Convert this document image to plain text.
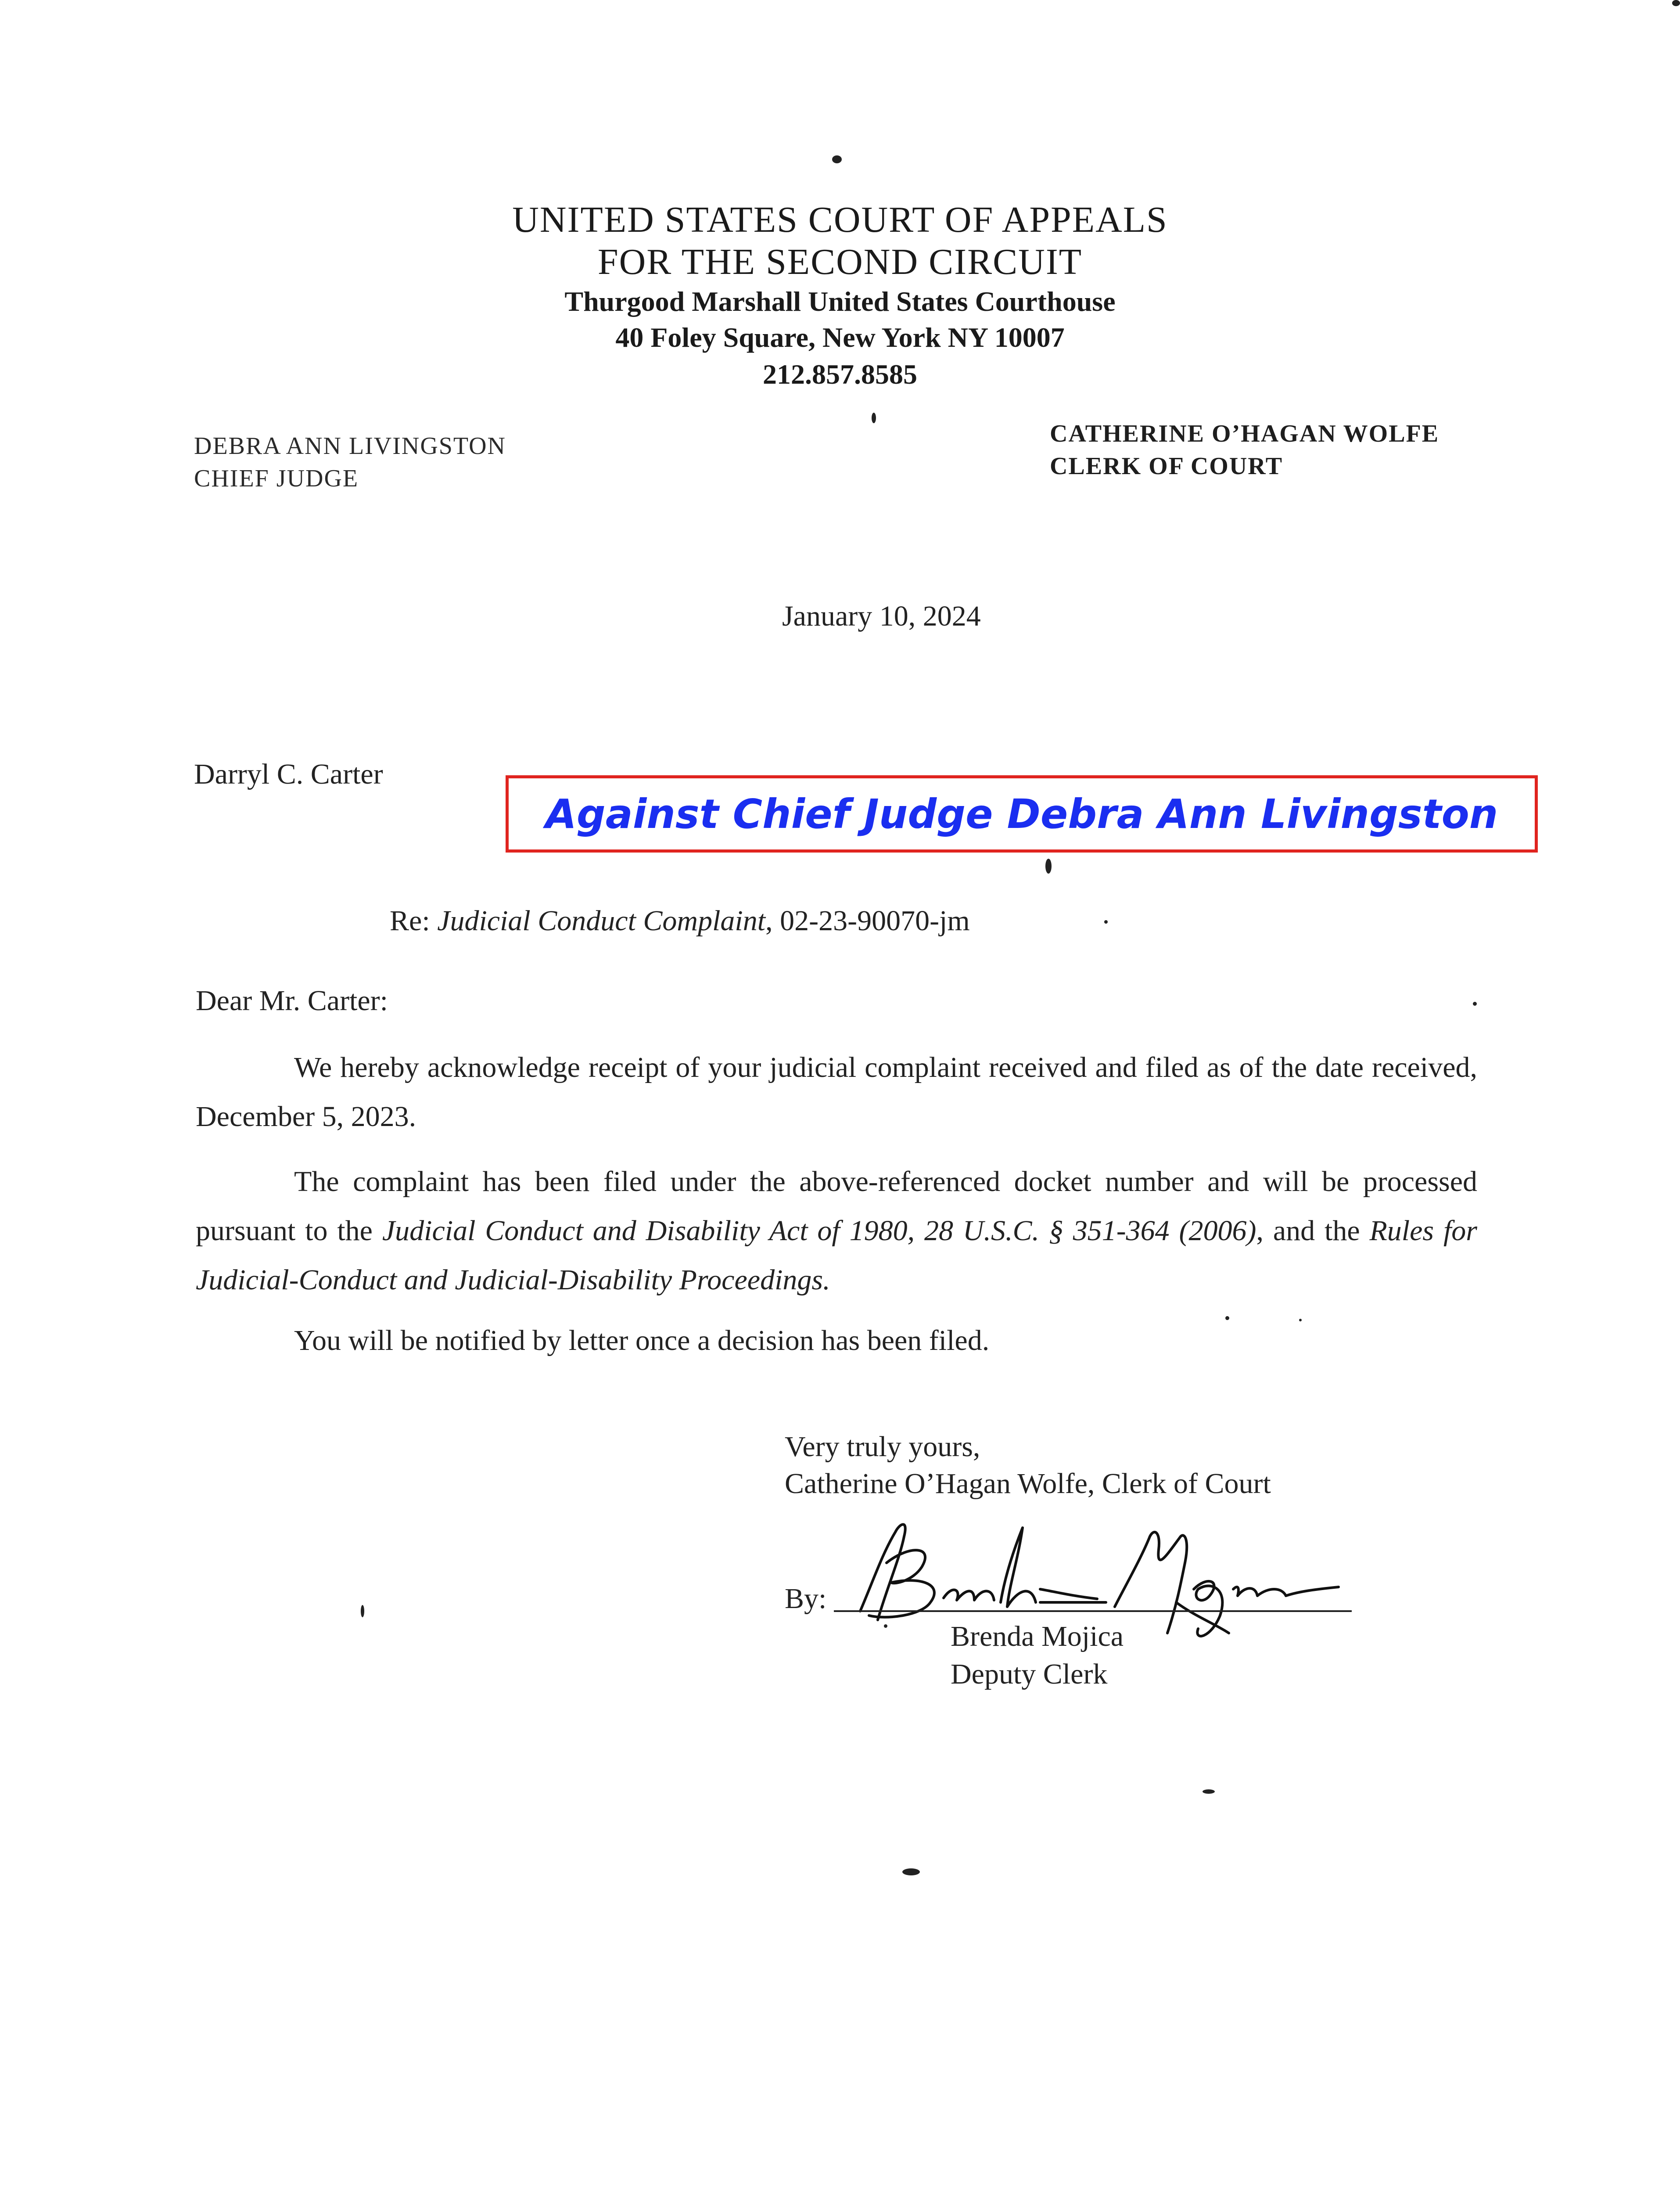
UNITED STATES COURT OF APPEALS
FOR THE SECOND CIRCUIT
Thurgood Marshall United States Courthouse
40 Foley Square, New York NY 10007
212.857.8585
DEBRA ANN LIVINGSTON
CHIEF JUDGE
CATHERINE O’HAGAN WOLFE
CLERK OF COURT
January 10, 2024
Darryl C. Carter
Against Chief Judge Debra Ann Livingston
Re: Judicial Conduct Complaint, 02-23-90070-jm
Dear Mr. Carter:
We hereby acknowledge receipt of your judicial complaint received and filed as of the date received, December 5, 2023.
The complaint has been filed under the above-referenced docket number and will be processed pursuant to the Judicial Conduct and Disability Act of 1980, 28 U.S.C. § 351-364 (2006), and the Rules for Judicial-Conduct and Judicial-Disability Proceedings.
You will be notified by letter once a decision has been filed.
Very truly yours,
Catherine O’Hagan Wolfe, Clerk of Court
By:
Brenda Mojica
Deputy Clerk
